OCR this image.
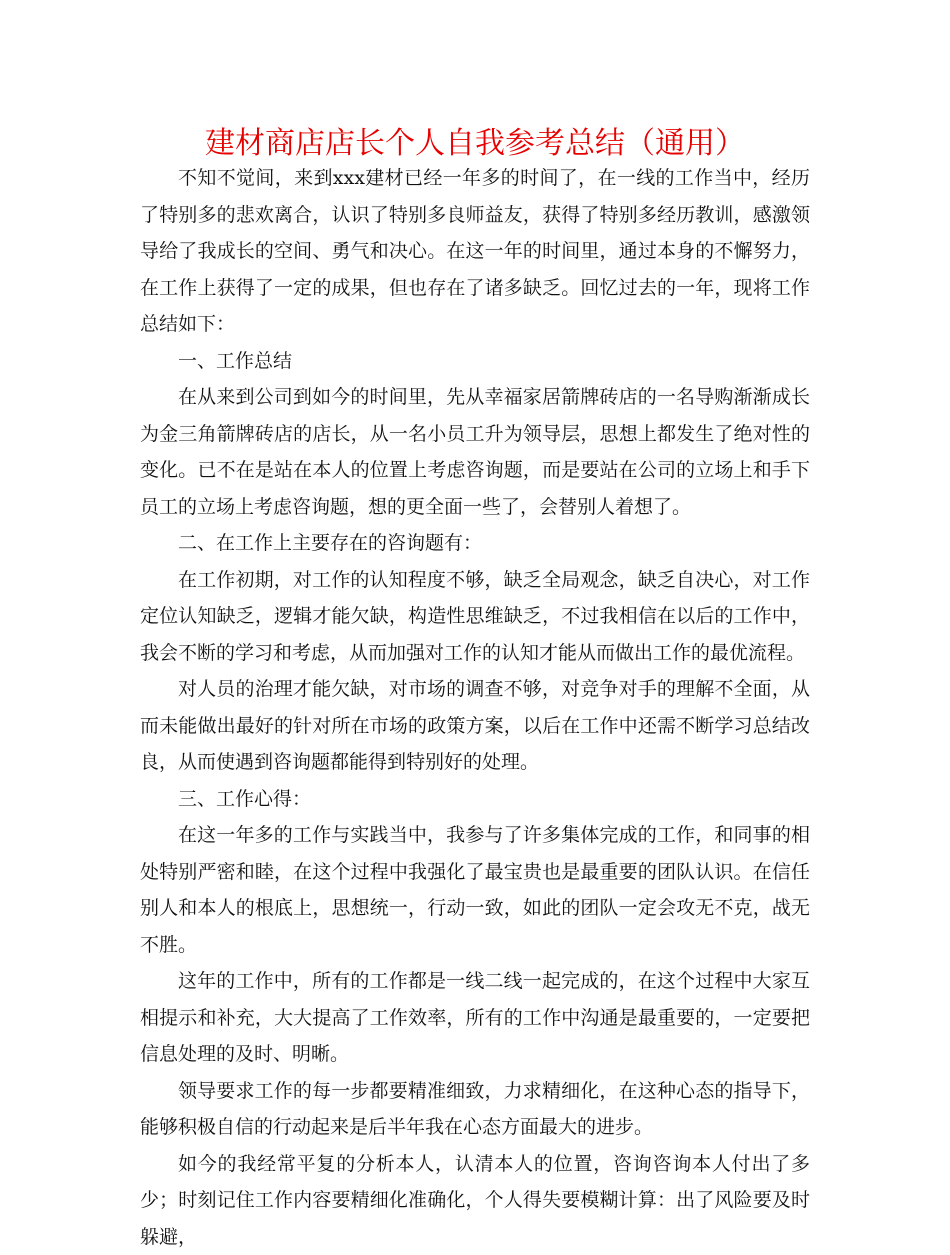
建材商店店长个人自我参考总结（通用）

不知不觉间，来到xxx建材已经一年多的时间了，在一线的工作当中，经历了特别多的悲欢离合，认识了特别多良师益友，获得了特别多经历教训，感激领导给了我成长的空间、勇气和决心。在这一年的时间里，通过本身的不懈努力，在工作上获得了一定的成果，但也存在了诸多缺乏。回忆过去的一年，现将工作总结如下：

一、工作总结

在从来到公司到如今的时间里，先从幸福家居箭牌砖店的一名导购渐渐成长为金三角箭牌砖店的店长，从一名小员工升为领导层，思想上都发生了绝对性的变化。已不在是站在本人的位置上考虑咨询题，而是要站在公司的立场上和手下员工的立场上考虑咨询题，想的更全面一些了，会替别人着想了。

二、在工作上主要存在的咨询题有：

在工作初期，对工作的认知程度不够，缺乏全局观念，缺乏自决心，对工作定位认知缺乏，逻辑才能欠缺，构造性思维缺乏，不过我相信在以后的工作中，我会不断的学习和考虑，从而加强对工作的认知才能从而做出工作的最优流程。

对人员的治理才能欠缺，对市场的调查不够，对竞争对手的理解不全面，从而未能做出最好的针对所在市场的政策方案，以后在工作中还需不断学习总结改良，从而使遇到咨询题都能得到特别好的处理。

三、工作心得：

在这一年多的工作与实践当中，我参与了许多集体完成的工作，和同事的相处特别严密和睦，在这个过程中我强化了最宝贵也是最重要的团队认识。在信任别人和本人的根底上，思想统一，行动一致，如此的团队一定会攻无不克，战无不胜。

这年的工作中，所有的工作都是一线二线一起完成的，在这个过程中大家互相提示和补充，大大提高了工作效率，所有的工作中沟通是最重要的，一定要把信息处理的及时、明晰。

领导要求工作的每一步都要精准细致，力求精细化，在这种心态的指导下，能够积极自信的行动起来是后半年我在心态方面最大的进步。

如今的我经常平复的分析本人，认清本人的位置，咨询咨询本人付出了多少；时刻记住工作内容要精细化准确化，个人得失要模糊计算：出了风险要及时躲避，
